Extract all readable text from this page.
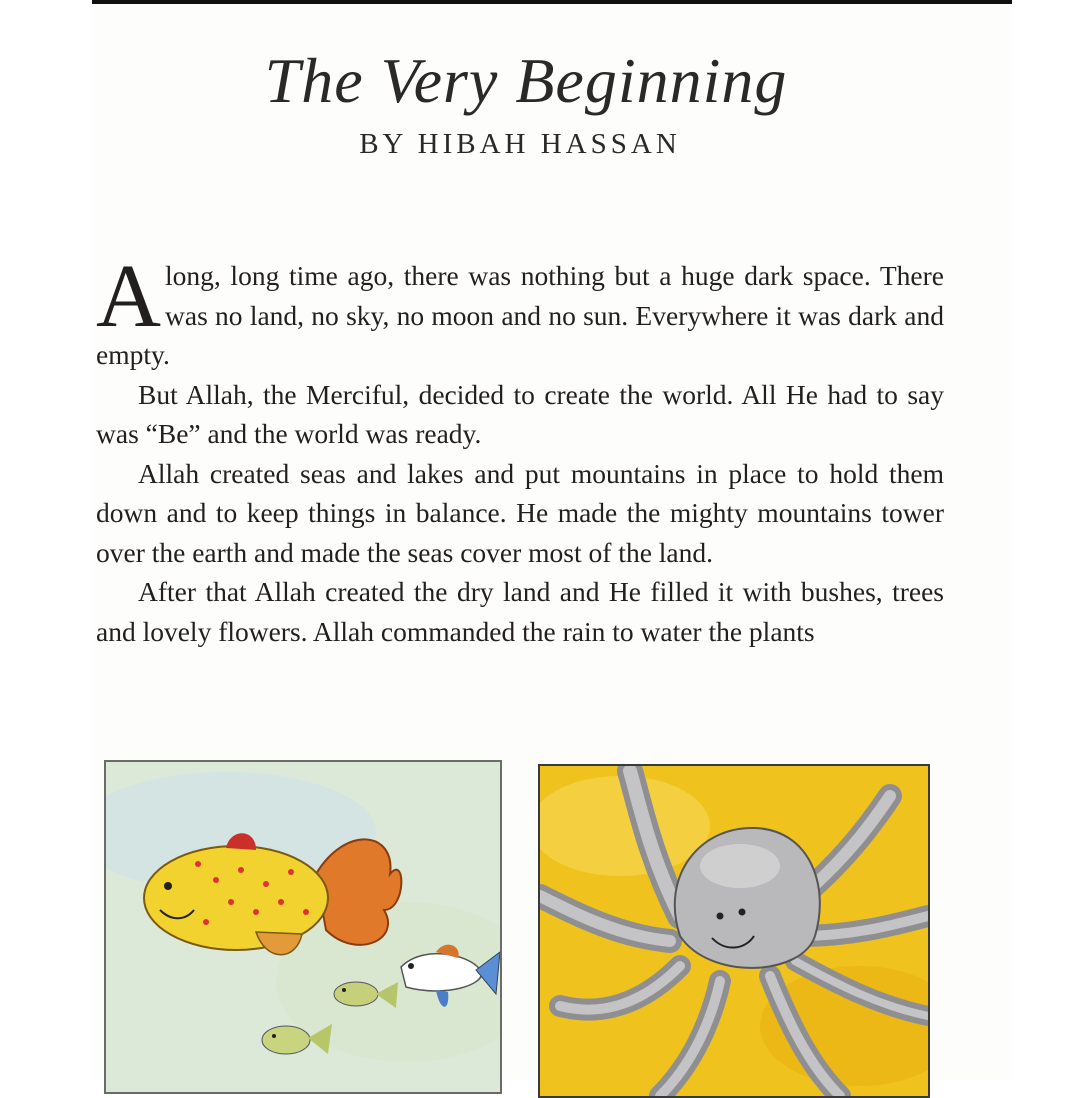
The Very Beginning
BY HIBAH HASSAN

A long, long time ago, there was nothing but a huge dark space. There was no land, no sky, no moon and no sun. Everywhere it was dark and empty.

But Allah, the Merciful, decided to create the world. All He had to say was “Be” and the world was ready.

Allah created seas and lakes and put mountains in place to hold them down and to keep things in balance. He made the mighty mountains tower over the earth and made the seas cover most of the land.

After that Allah created the dry land and He filled it with bushes, trees and lovely flowers. Allah commanded the rain to water the plants
